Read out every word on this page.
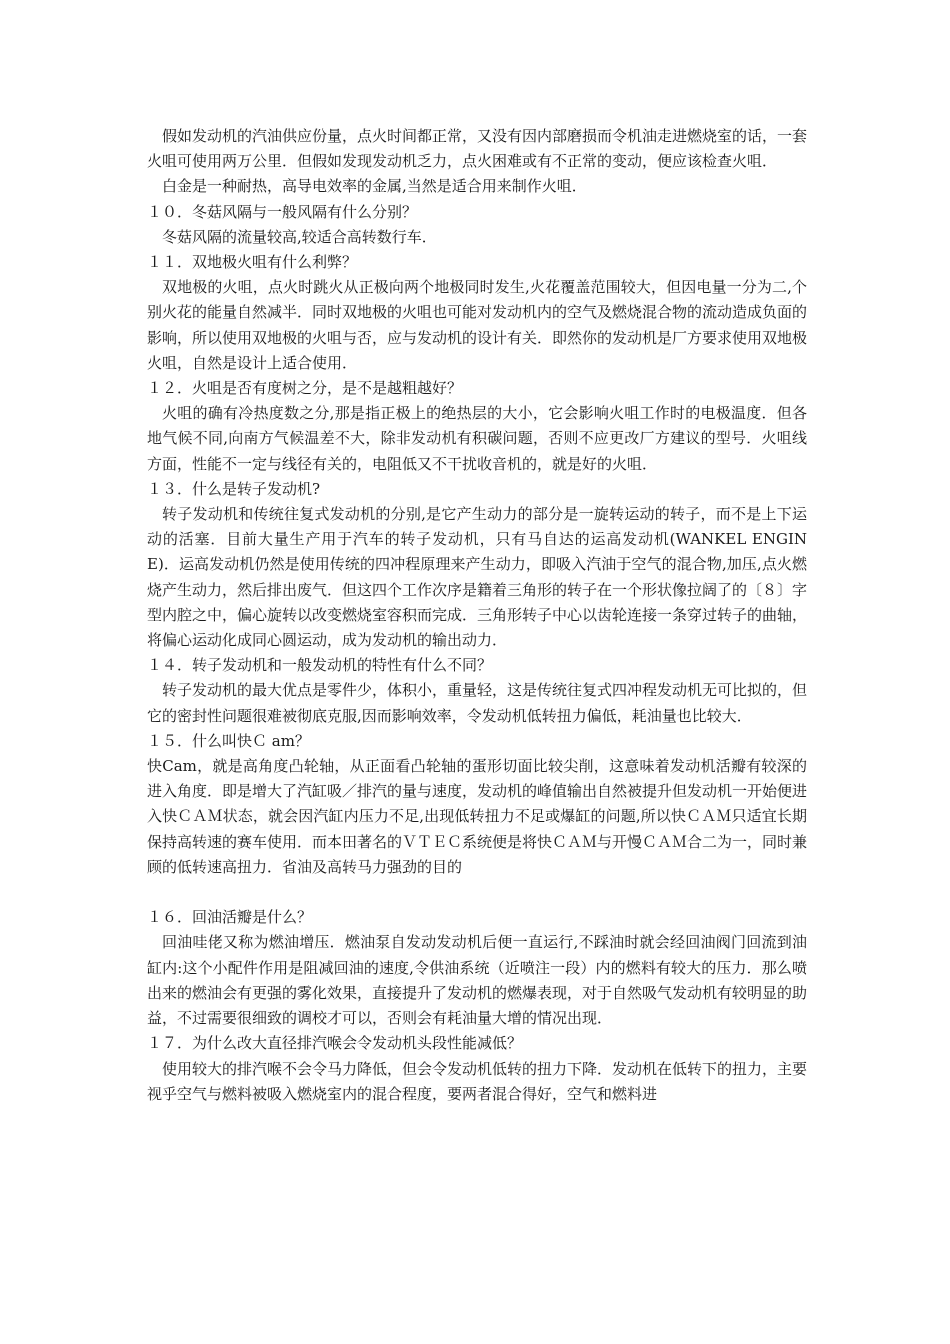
假如发动机的汽油供应份量，点火时间都正常，又没有因内部磨损而令机油走进燃烧室的话，一套火咀可使用两万公里．但假如发现发动机乏力，点火困难或有不正常的变动，便应该检查火咀．

白金是一种耐热，高导电效率的金属,当然是适合用来制作火咀．

１０．冬菇风隔与一般风隔有什么分别？

冬菇风隔的流量较高,较适合高转数行车．

１１．双地极火咀有什么利弊？

双地极的火咀，点火时跳火从正极向两个地极同时发生,火花覆盖范围较大，但因电量一分为二,个别火花的能量自然减半．同时双地极的火咀也可能对发动机内的空气及燃烧混合物的流动造成负面的影响，所以使用双地极的火咀与否，应与发动机的设计有关．即然你的发动机是厂方要求使用双地极火咀，自然是设计上适合使用．

１２．火咀是否有度树之分，是不是越粗越好？

火咀的确有冷热度数之分,那是指正极上的绝热层的大小，它会影响火咀工作时的电极温度．但各地气候不同,向南方气候温差不大，除非发动机有积碳问题，否则不应更改厂方建议的型号．火咀线方面，性能不一定与线径有关的，电阻低又不干扰收音机的，就是好的火咀．

１３．什么是转子发动机?

转子发动机和传统往复式发动机的分别,是它产生动力的部分是一旋转运动的转子，而不是上下运动的活塞．目前大量生产用于汽车的转子发动机，只有马自达的运高发动机(WANKEL ENGINE)．运高发动机仍然是使用传统的四冲程原理来产生动力，即吸入汽油于空气的混合物,加压,点火燃烧产生动力，然后排出废气．但这四个工作次序是籍着三角形的转子在一个形状像拉阔了的〔８〕字型内腔之中，偏心旋转以改变燃烧室容积而完成．三角形转子中心以齿轮连接一条穿过转子的曲轴，将偏心运动化成同心圆运动，成为发动机的输出动力．

１４．转子发动机和一般发动机的特性有什么不同？

转子发动机的最大优点是零件少，体积小，重量轻，这是传统往复式四冲程发动机无可比拟的，但它的密封性问题很难被彻底克服,因而影响效率，令发动机低转扭力偏低，耗油量也比较大．

１５．什么叫快Ｃ am？

快Cam，就是高角度凸轮轴，从正面看凸轮轴的蛋形切面比较尖削，这意味着发动机活瓣有较深的进入角度．即是增大了汽缸吸／排汽的量与速度，发动机的峰值输出自然被提升但发动机一开始便进入快ＣＡＭ状态，就会因汽缸内压力不足,出现低转扭力不足或爆缸的问题,所以快ＣＡＭ只适宜长期保持高转速的赛车使用．而本田著名的ＶＴＥＣ系统便是将快ＣＡＭ与开慢ＣＡＭ合二为一，同时兼顾的低转速高扭力．省油及高转马力强劲的目的

１６．回油活瓣是什么？

回油哇佬又称为燃油增压．燃油泵自发动发动机后便一直运行,不踩油时就会经回油阀门回流到油缸内:这个小配件作用是阻减回油的速度,令供油系统（近喷注一段）内的燃料有较大的压力．那么喷出来的燃油会有更强的雾化效果，直接提升了发动机的燃爆表现，对于自然吸气发动机有较明显的助益，不过需要很细致的调校才可以，否则会有耗油量大增的情况出现．

１７．为什么改大直径排汽喉会令发动机头段性能减低？

使用较大的排汽喉不会令马力降低，但会令发动机低转的扭力下降．发动机在低转下的扭力，主要视乎空气与燃料被吸入燃烧室内的混合程度，要两者混合得好，空气和燃料进
